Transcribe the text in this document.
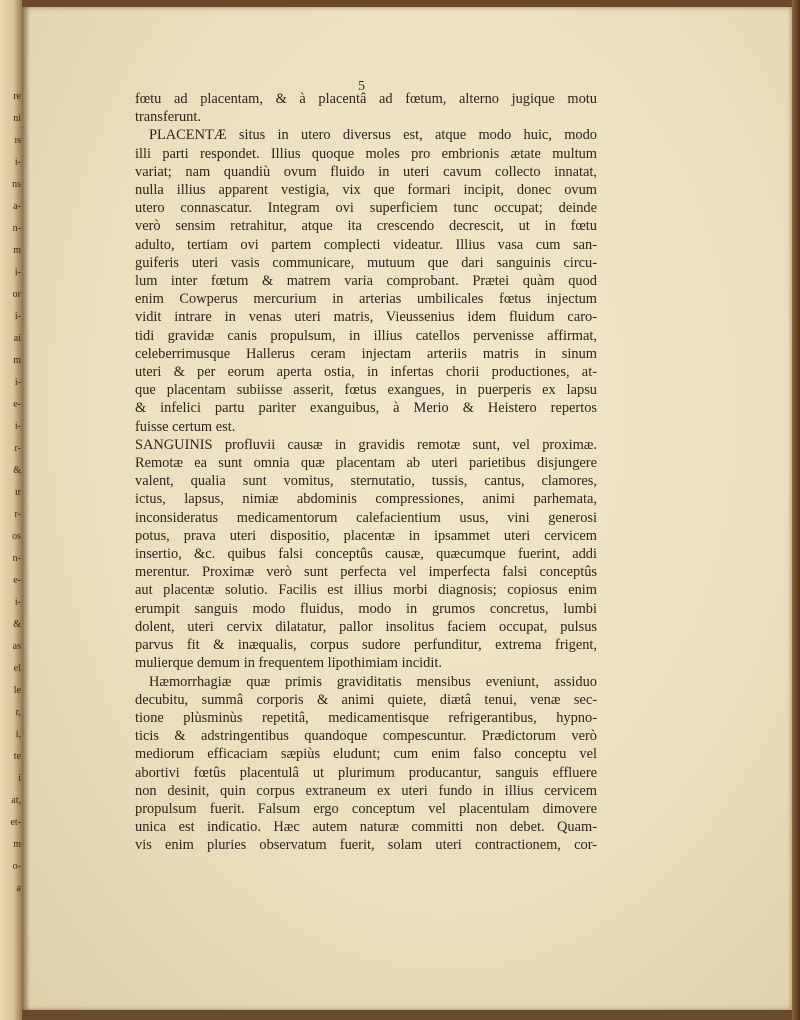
re
ni
ıs
i-
ns
a-
n-
m
i-
or
i-
ai
m
i-
e-
i-
r-
&
ır
r-
os
n-
e-
i-
&
as
el
le
r,
i,
te
i
at,
et-
m
o-
a
5
fœtu ad placentam, & à placentâ ad fœtum, alterno jugique motu
transferunt.
PLACENTÆ situs in utero diversus est, atque modo huic, modo
illi parti respondet. Illius quoque moles pro embrionis ætate multum
variat; nam quandiù ovum fluido in uteri cavum collecto innatat,
nulla illius apparent vestigia, vix que formari incipit, donec ovum
utero connascatur. Integram ovi superficiem tunc occupat; deinde
verò sensim retrahitur, atque ita crescendo decrescit, ut in fœtu
adulto, tertiam ovi partem complecti videatur. Illius vasa cum san-
guiferis uteri vasis communicare, mutuum que dari sanguinis circu-
lum inter fœtum & matrem varia comprobant. Prætei quàm quod
enim Cowperus mercurium in arterias umbilicales fœtus injectum
vidit intrare in venas uteri matris, Vieussenius idem fluidum caro-
tidi gravidæ canis propulsum, in illius catellos pervenisse affirmat,
celeberrimusque Hallerus ceram injectam arteriis matris in sinum
uteri & per eorum aperta ostia, in infertas chorii productiones, at-
que placentam subiisse asserit, fœtus exangues, in puerperis ex lapsu
& infelici partu pariter exanguibus, à Merio & Heistero repertos
fuisse certum est.
SANGUINIS profluvii causæ in gravidis remotæ sunt, vel proximæ.
Remotæ ea sunt omnia quæ placentam ab uteri parietibus disjungere
valent, qualia sunt vomitus, sternutatio, tussis, cantus, clamores,
ictus, lapsus, nimiæ abdominis compressiones, animi parhemata,
inconsideratus medicamentorum calefacientium usus, vini generosi
potus, prava uteri dispositio, placentæ in ipsammet uteri cervicem
insertio, &c. quibus falsi conceptûs causæ, quæcumque fuerint, addi
merentur. Proximæ verò sunt perfecta vel imperfecta falsi conceptûs
aut placentæ solutio. Facilis est illius morbi diagnosis; copiosus enim
erumpit sanguis modo fluidus, modo in grumos concretus, lumbi
dolent, uteri cervix dilatatur, pallor insolitus faciem occupat, pulsus
parvus fit & inæqualis, corpus sudore perfunditur, extrema frigent,
mulierque demum in frequentem lipothimiam incidit.
Hæmorrhagiæ quæ primis graviditatis mensibus eveniunt, assiduo
decubitu, summâ corporis & animi quiete, diætâ tenui, venæ sec-
tione plùsminùs repetitâ, medicamentisque refrigerantibus, hypno-
ticis & adstringentibus quandoque compescuntur. Prædictorum verò
mediorum efficaciam sæpiùs eludunt; cum enim falso conceptu vel
abortivi fœtûs placentulâ ut plurimum producantur, sanguis effluere
non desinit, quin corpus extraneum ex uteri fundo in illius cervicem
propulsum fuerit. Falsum ergo conceptum vel placentulam dimovere
unica est indicatio. Hæc autem naturæ committi non debet. Quam-
vis enim pluries observatum fuerit, solam uteri contractionem, cor-
